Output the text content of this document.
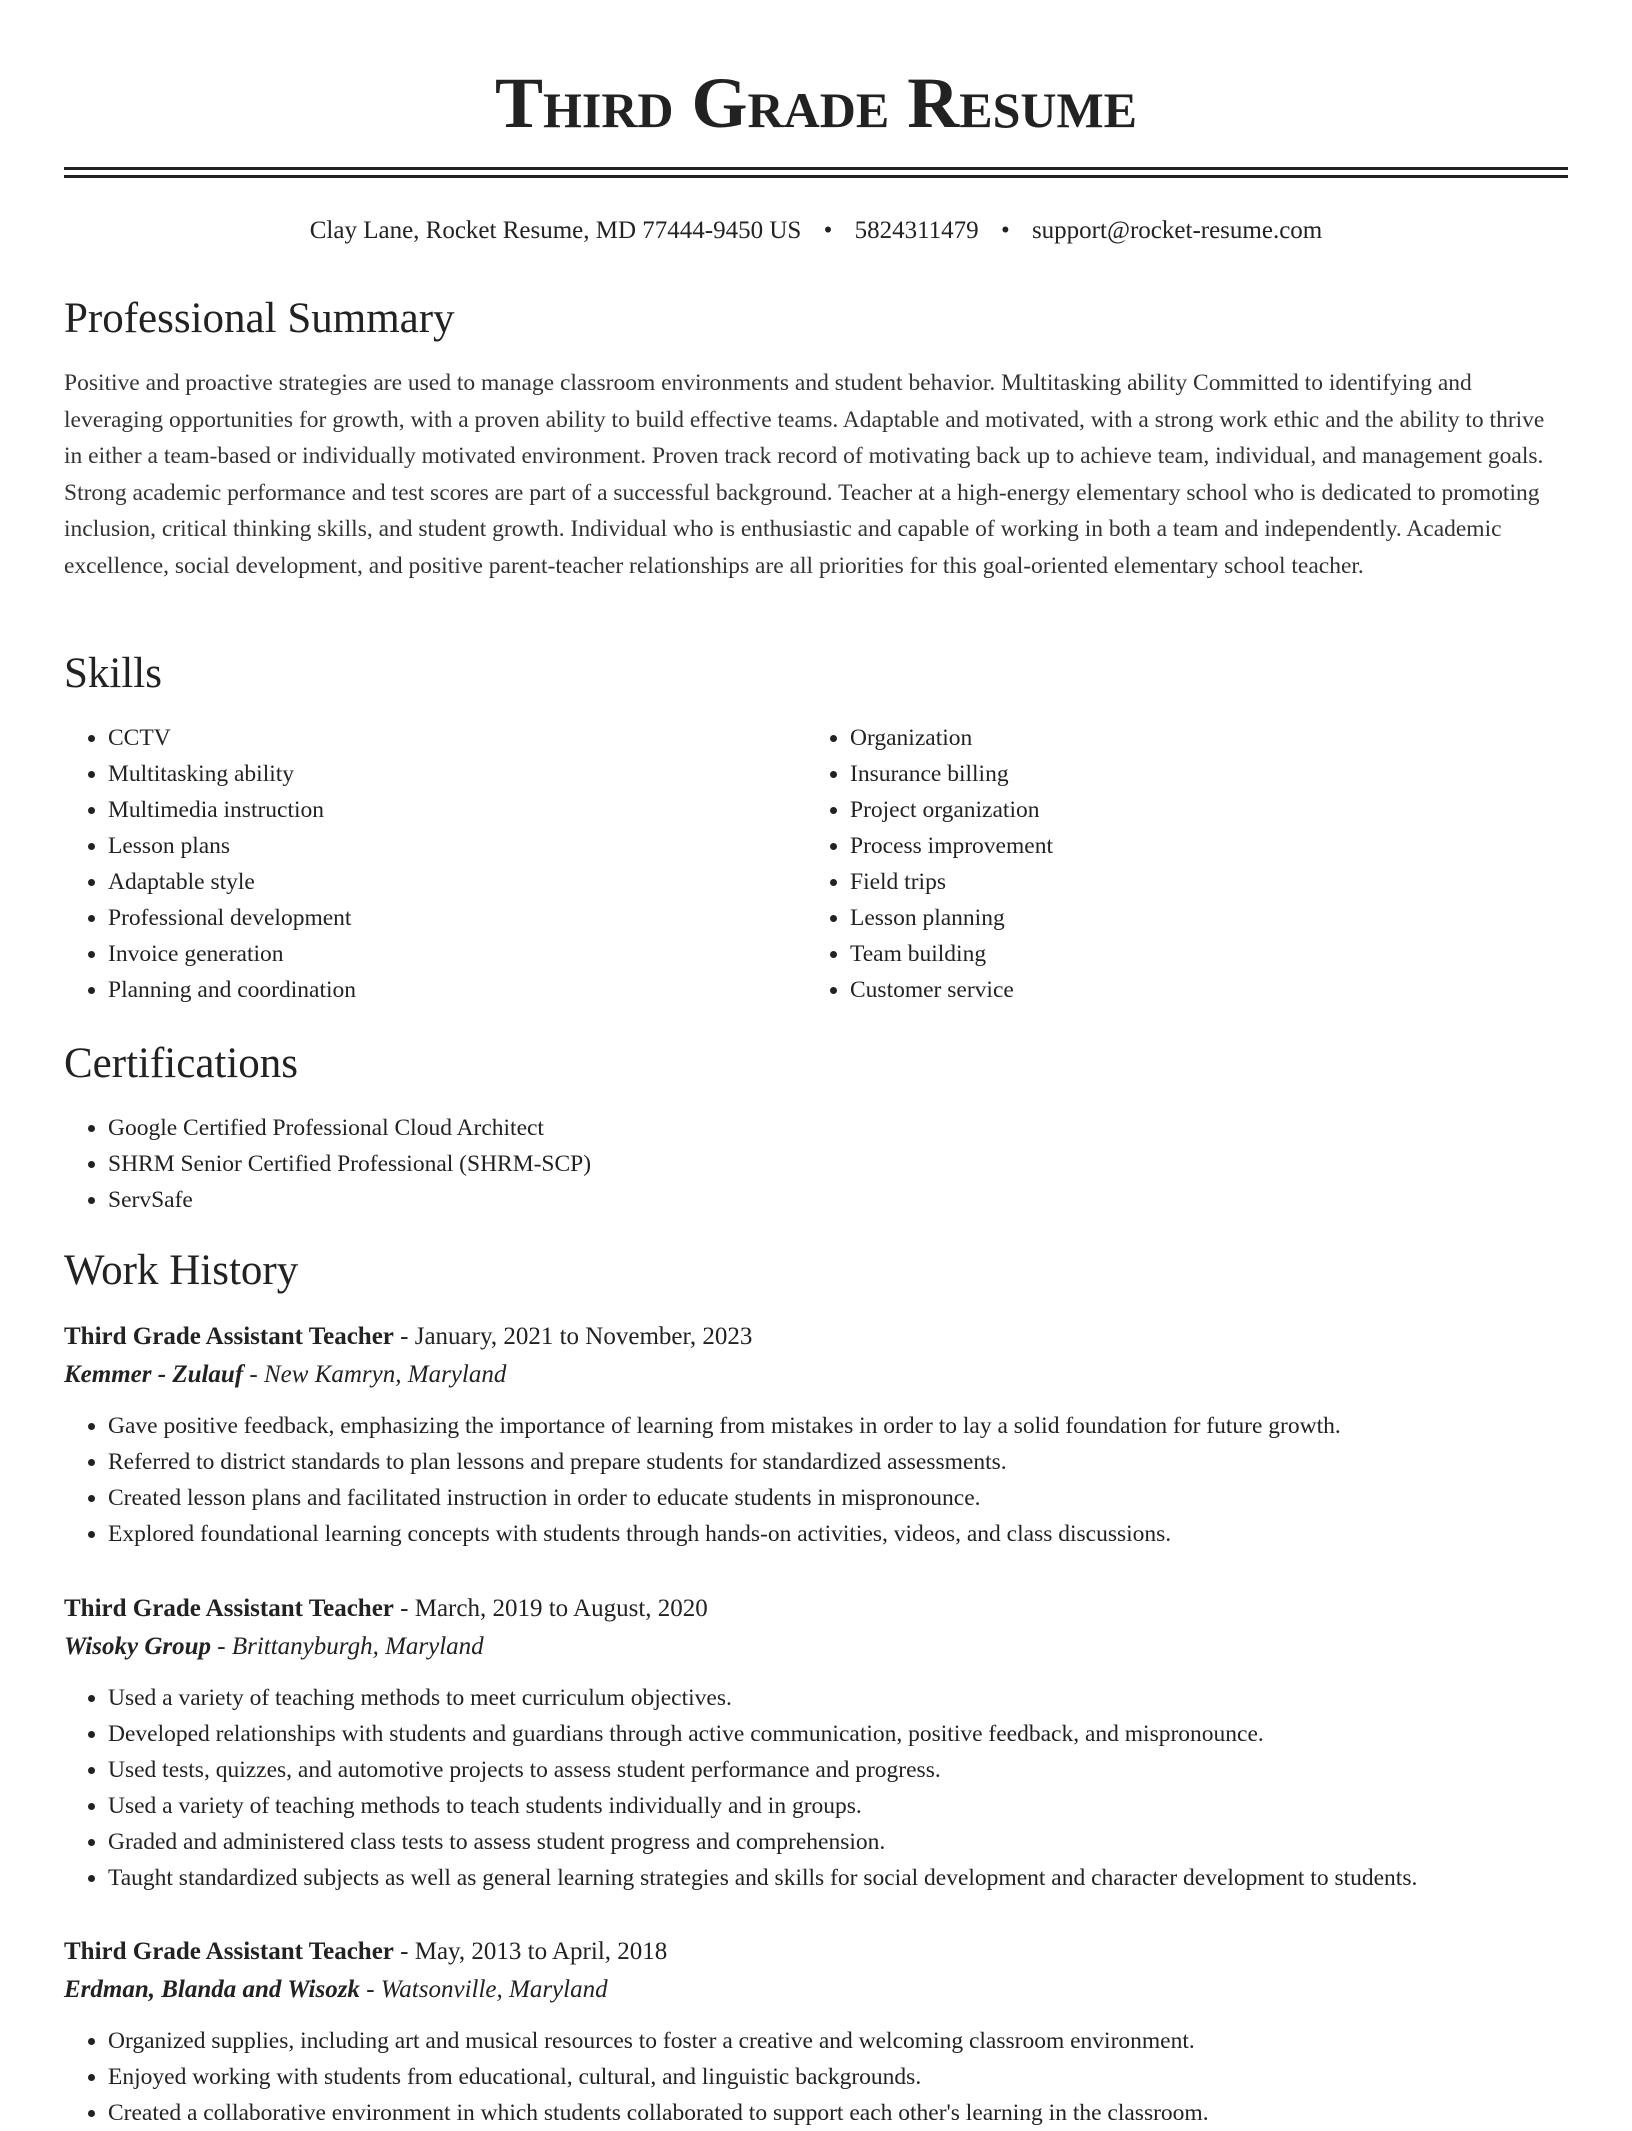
Third Grade Resume
Clay Lane, Rocket Resume, MD 77444-9450 US • 5824311479 • support@rocket-resume.com
Professional Summary

Positive and proactive strategies are used to manage classroom environments and student behavior. Multitasking ability Committed to identifying and leveraging opportunities for growth, with a proven ability to build effective teams. Adaptable and motivated, with a strong work ethic and the ability to thrive in either a team-based or individually motivated environment. Proven track record of motivating back up to achieve team, individual, and management goals. Strong academic performance and test scores are part of a successful background. Teacher at a high-energy elementary school who is dedicated to promoting inclusion, critical thinking skills, and student growth. Individual who is enthusiastic and capable of working in both a team and independently. Academic excellence, social development, and positive parent-teacher relationships are all priorities for this goal-oriented elementary school teacher.

Skills
• CCTV
• Multitasking ability
• Multimedia instruction
• Lesson plans
• Adaptable style
• Professional development
• Invoice generation
• Planning and coordination
• Organization
• Insurance billing
• Project organization
• Process improvement
• Field trips
• Lesson planning
• Team building
• Customer service
Certifications
• Google Certified Professional Cloud Architect
• SHRM Senior Certified Professional (SHRM-SCP)
• ServSafe
Work History
Third Grade Assistant Teacher - January, 2021 to November, 2023
Kemmer - Zulauf - New Kamryn, Maryland
• Gave positive feedback, emphasizing the importance of learning from mistakes in order to lay a solid foundation for future growth.
• Referred to district standards to plan lessons and prepare students for standardized assessments.
• Created lesson plans and facilitated instruction in order to educate students in mispronounce.
• Explored foundational learning concepts with students through hands-on activities, videos, and class discussions.
Third Grade Assistant Teacher - March, 2019 to August, 2020
Wisoky Group - Brittanyburgh, Maryland
• Used a variety of teaching methods to meet curriculum objectives.
• Developed relationships with students and guardians through active communication, positive feedback, and mispronounce.
• Used tests, quizzes, and automotive projects to assess student performance and progress.
• Used a variety of teaching methods to teach students individually and in groups.
• Graded and administered class tests to assess student progress and comprehension.
• Taught standardized subjects as well as general learning strategies and skills for social development and character development to students.
Third Grade Assistant Teacher - May, 2013 to April, 2018
Erdman, Blanda and Wisozk - Watsonville, Maryland
• Organized supplies, including art and musical resources to foster a creative and welcoming classroom environment.
• Enjoyed working with students from educational, cultural, and linguistic backgrounds.
• Created a collaborative environment in which students collaborated to support each other's learning in the classroom.
